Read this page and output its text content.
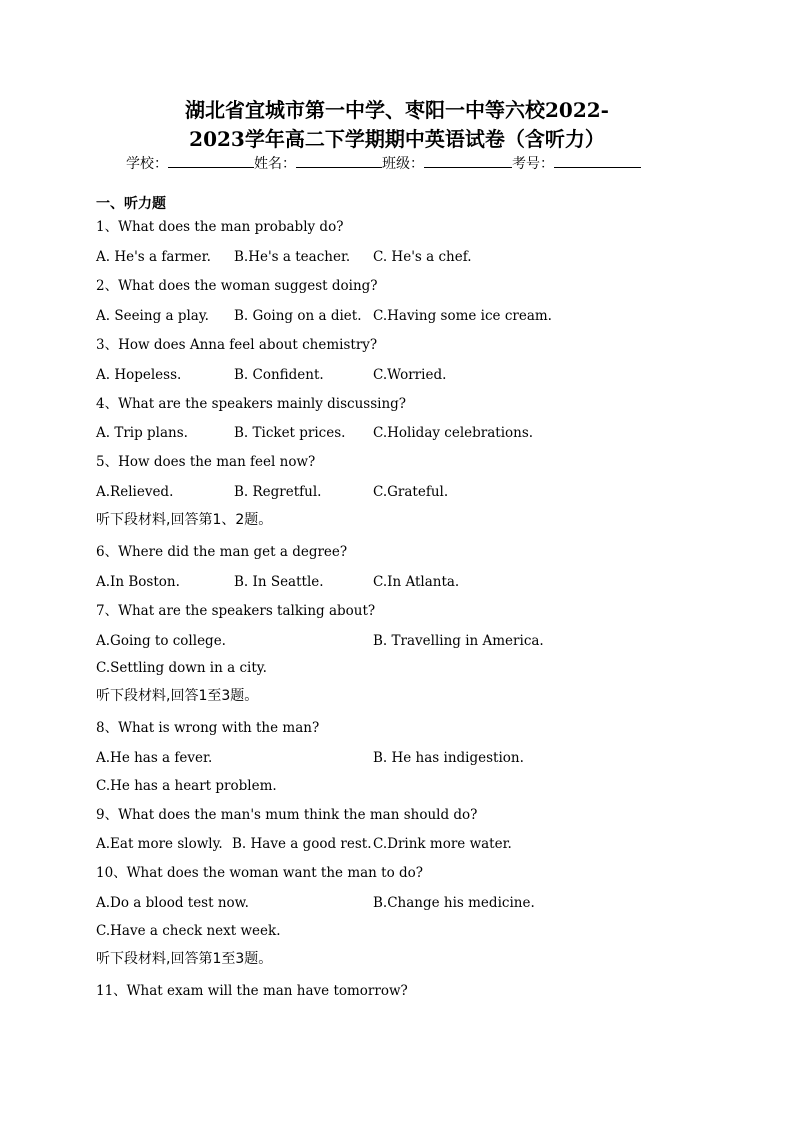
湖北省宜城市第一中学、枣阳一中等六校2022-
2023学年高二下学期期中英语试卷（含听力）
学校：	姓名：	班级：	考号：
一、听力题
1、What does the man probably do?
A. He's a farmer. B.He's a teacher. C. He's a chef.
2、What does the woman suggest doing?
A. Seeing a play. B. Going on a diet. C.Having some ice cream.
3、How does Anna feel about chemistry?
A. Hopeless.	B. Confident.	C.Worried.
4、What are the speakers mainly discussing?
A. Trip plans.	B. Ticket prices. C.Holiday celebrations.
5、How does the man feel now?
A.Relieved.	B. Regretful.	C.Grateful.
听下段材料,回答第1、2题。
6、Where did the man get a degree?
A.In Boston.	B. In Seattle.	C.In Atlanta.
7、What are the speakers talking about?
A.Going to college.	B. Travelling in America.
C.Settling down in a city.
听下段材料,回答1至3题。
8、What is wrong with the man?
A.He has a fever.	B. He has indigestion.
C.He has a heart problem.
9、What does the man's mum think the man should do?
A.Eat more slowly. B. Have a good rest. C.Drink more water.
10、What does the woman want the man to do?
A.Do a blood test now.	B.Change his medicine.
C.Have a check next week.
听下段材料,回答第1至3题。
11、What exam will the man have tomorrow?
